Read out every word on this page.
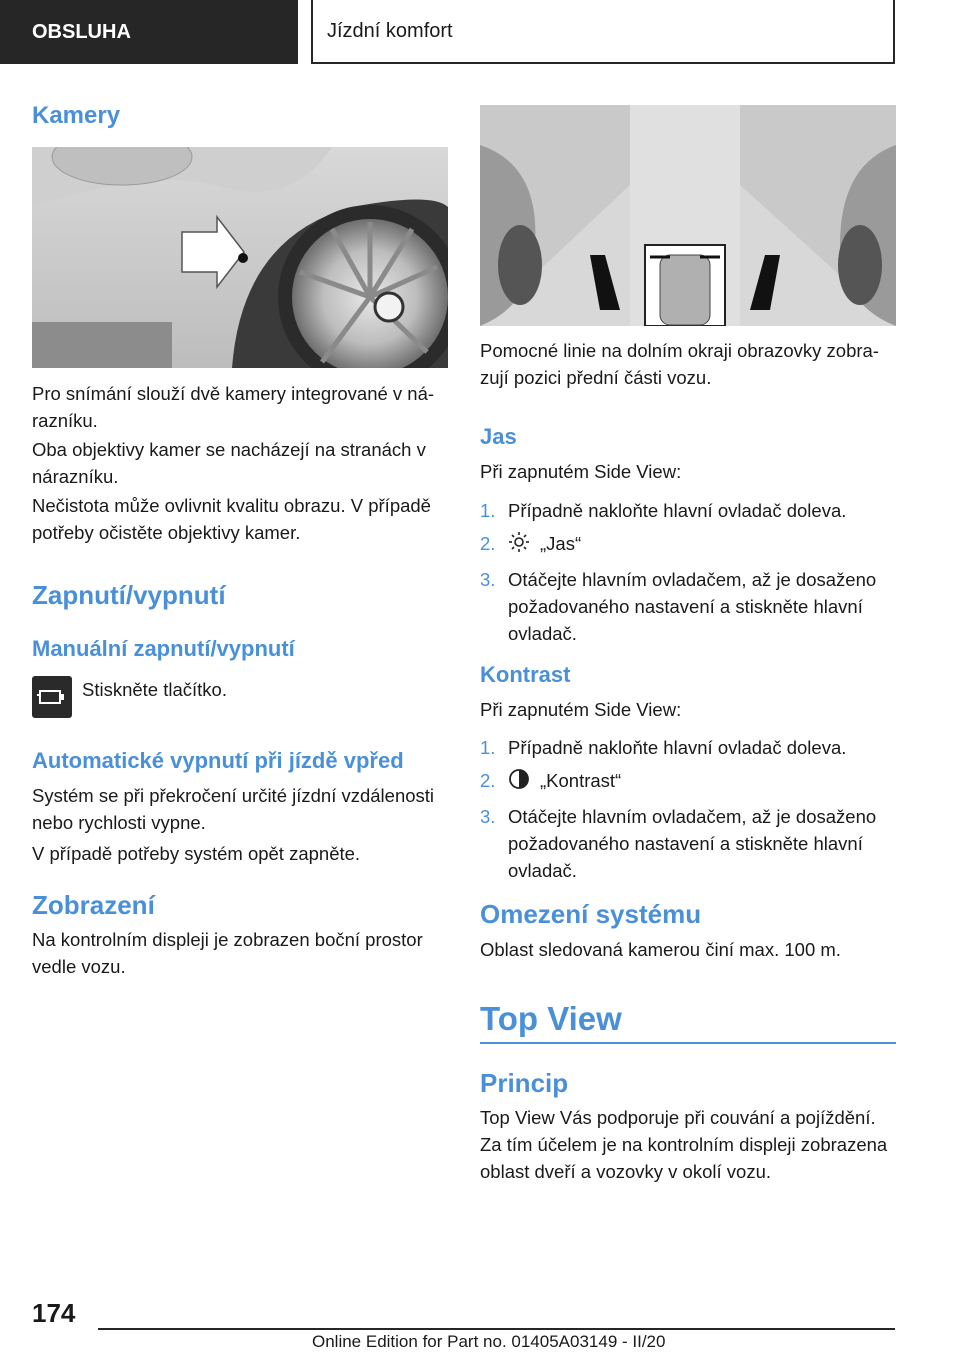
OBSLUHA	Jízdní komfort
Kamery

Pro snímání slouží dvě kamery integrované v ná-razníku.

Oba objektivy kamer se nacházejí na stranách v nárazníku.

Nečistota může ovlivnit kvalitu obrazu. V případě potřeby očistěte objektivy kamer.

Zapnutí/vypnutí
Manuální zapnutí/vypnutí

Stiskněte tlačítko.

Automatické vypnutí při jízdě vpřed

Systém se při překročení určité jízdní vzdálenosti nebo rychlosti vypne.

V případě potřeby systém opět zapněte.

Zobrazení

Na kontrolním displeji je zobrazen boční prostor vedle vozu.

Pomocné linie na dolním okraji obrazovky zobra-zují pozici přední části vozu.

Jas

Při zapnutém Side View:

1. Případně nakloňte hlavní ovladač doleva.
2.	„Jas“
3. Otáčejte hlavním ovladačem, až je dosaženo požadovaného nastavení a stiskněte hlavní ovladač.
Kontrast

Při zapnutém Side View:

1. Případně nakloňte hlavní ovladač doleva.
2.	„Kontrast“
3. Otáčejte hlavním ovladačem, až je dosaženo požadovaného nastavení a stiskněte hlavní ovladač.
Omezení systému

Oblast sledovaná kamerou činí max. 100 m.

Top View
Princip

Top View Vás podporuje při couvání a pojíždění. Za tím účelem je na kontrolním displeji zobrazena oblast dveří a vozovky v okolí vozu.

174
Online Edition for Part no. 01405A03149 - II/20
